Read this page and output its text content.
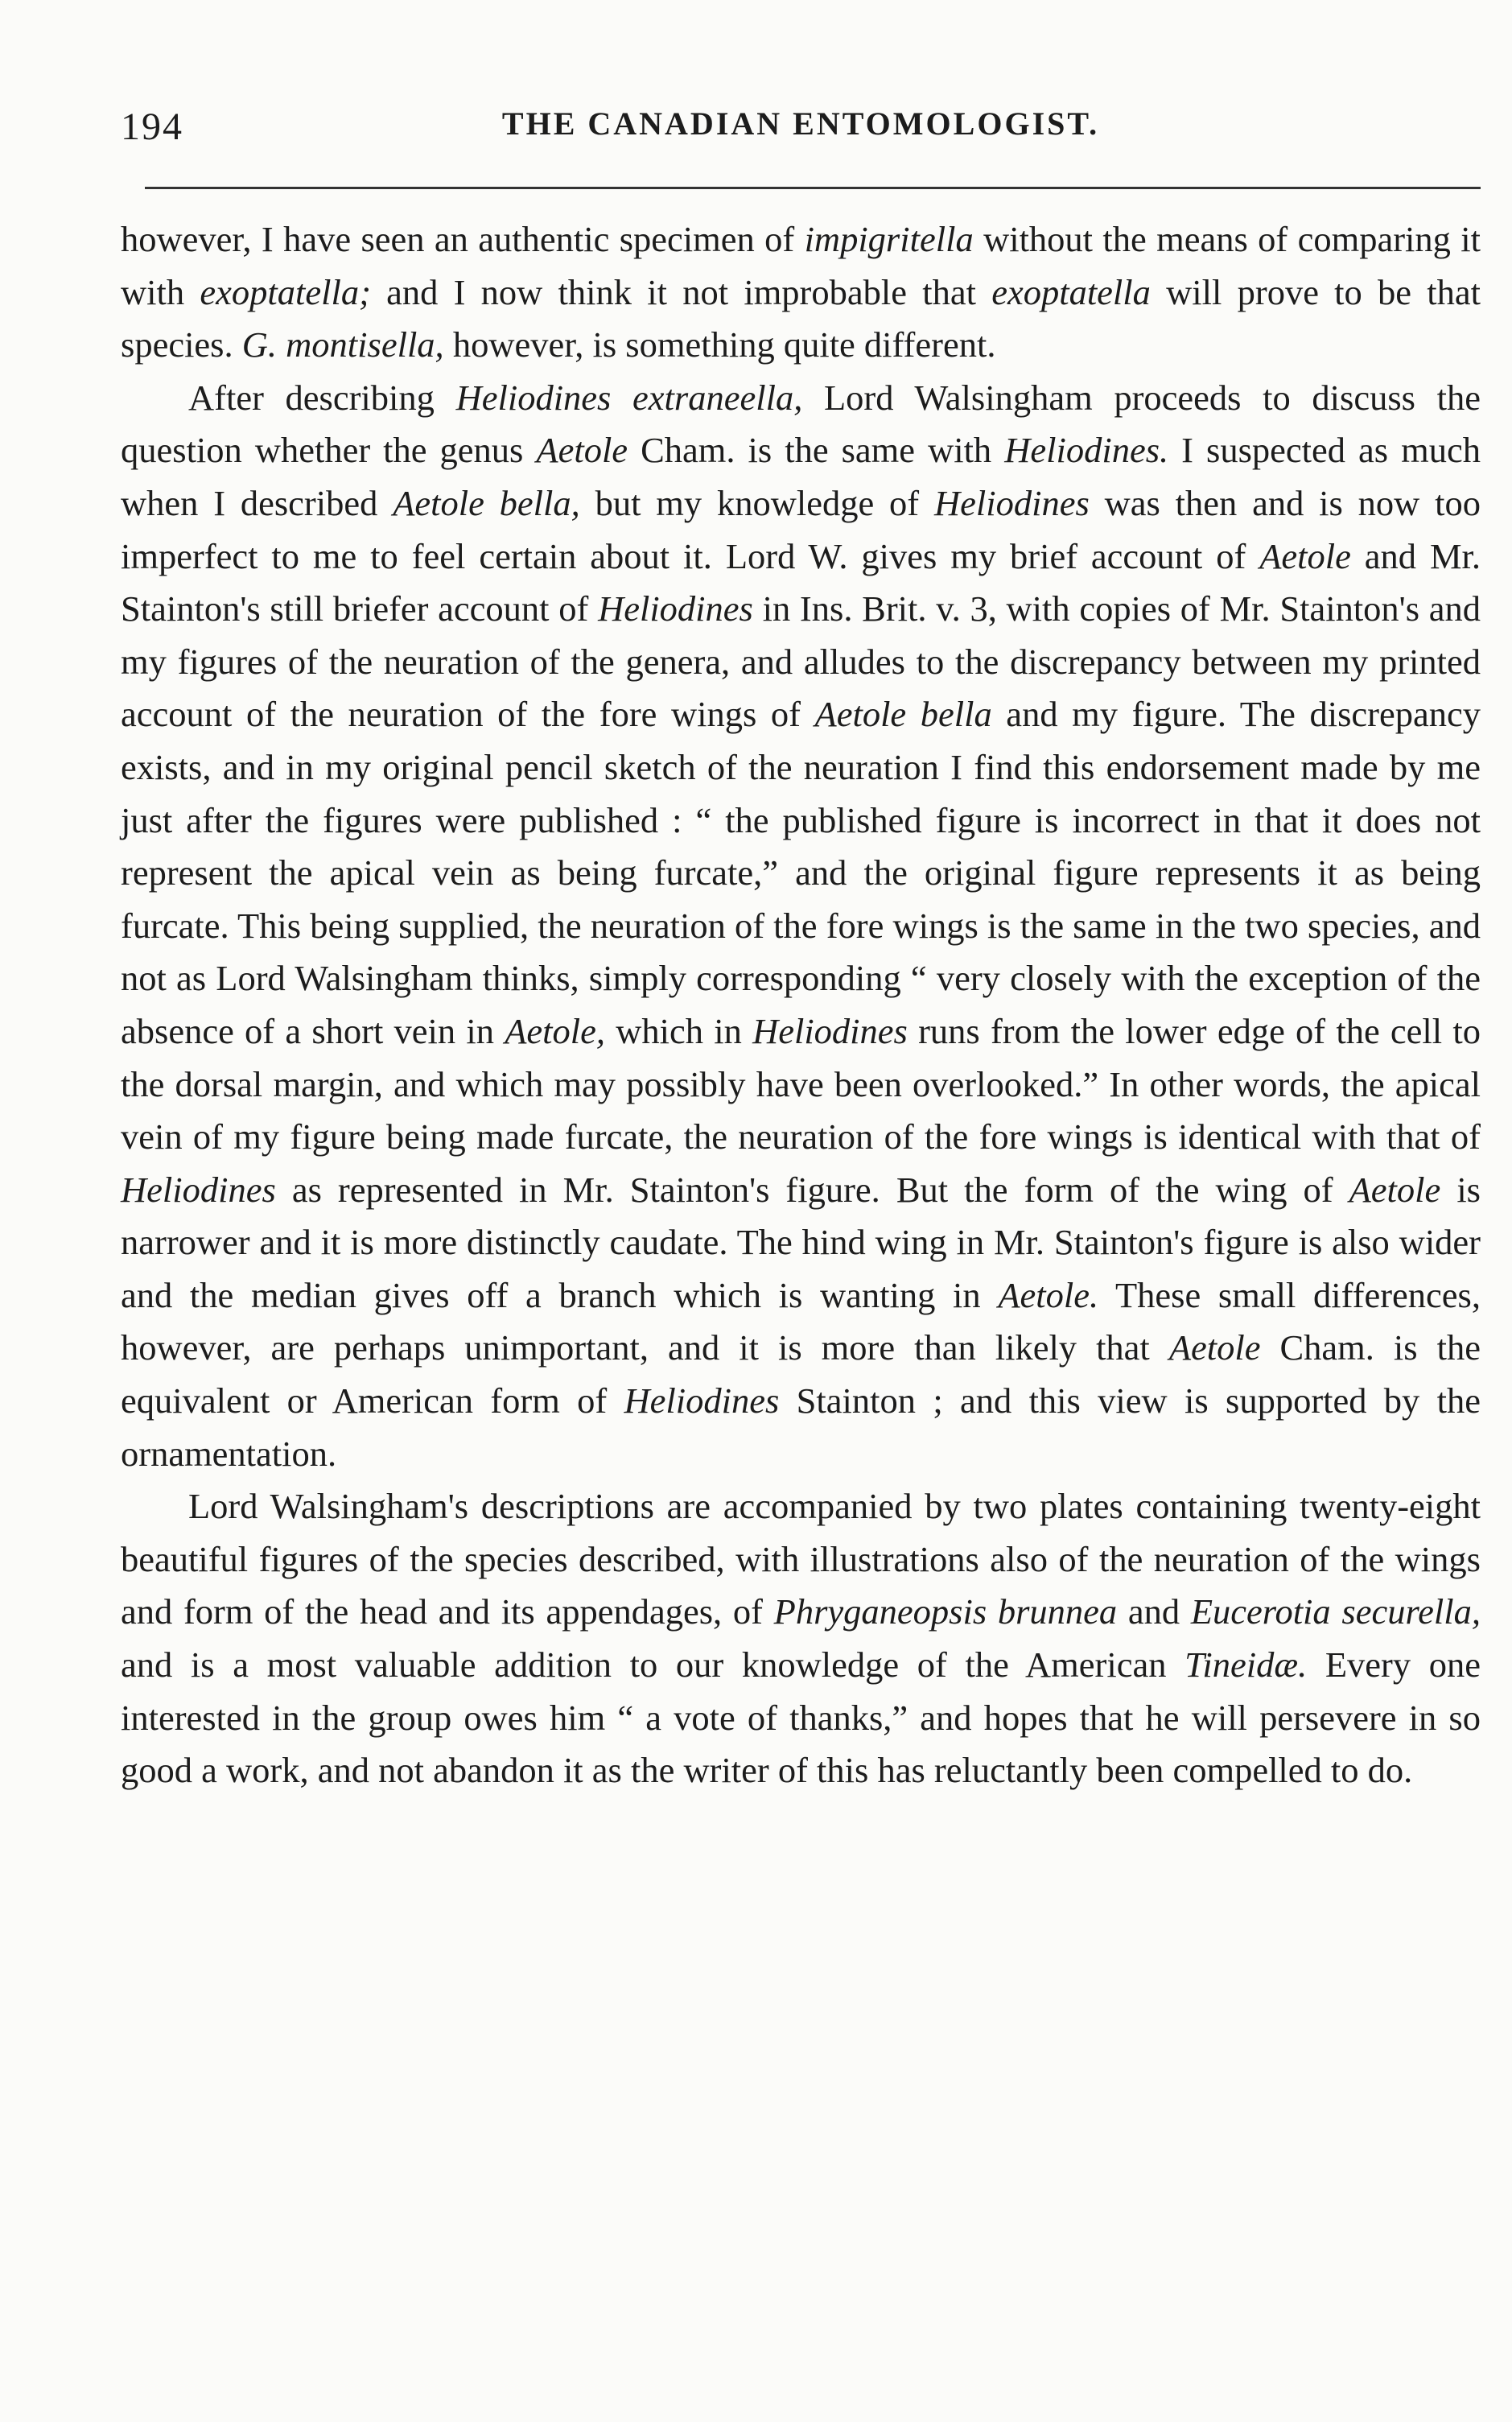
194	THE CANADIAN ENTOMOLOGIST.

however, I have seen an authentic specimen of impigritella without the means of comparing it with exoptatella; and I now think it not improbable that exoptatella will prove to be that species. G. montisella, however, is something quite different.

After describing Heliodines extraneella, Lord Walsingham proceeds to discuss the question whether the genus Aetole Cham. is the same with Heliodines. I suspected as much when I described Aetole bella, but my knowledge of Heliodines was then and is now too imperfect to me to feel certain about it. Lord W. gives my brief account of Aetole and Mr. Stainton's still briefer account of Heliodines in Ins. Brit. v. 3, with copies of Mr. Stainton's and my figures of the neuration of the genera, and alludes to the discrepancy between my printed account of the neuration of the fore wings of Aetole bella and my figure. The discrepancy exists, and in my original pencil sketch of the neuration I find this endorsement made by me just after the figures were published : “ the published figure is incorrect in that it does not represent the apical vein as being furcate,” and the original figure represents it as being furcate. This being supplied, the neuration of the fore wings is the same in the two species, and not as Lord Walsingham thinks, simply corresponding “ very closely with the exception of the absence of a short vein in Aetole, which in Heliodines runs from the lower edge of the cell to the dorsal margin, and which may possibly have been overlooked.” In other words, the apical vein of my figure being made furcate, the neuration of the fore wings is identical with that of Heliodines as represented in Mr. Stainton's figure. But the form of the wing of Aetole is narrower and it is more distinctly caudate. The hind wing in Mr. Stainton's figure is also wider and the median gives off a branch which is wanting in Aetole. These small differences, however, are perhaps unimportant, and it is more than likely that Aetole Cham. is the equivalent or American form of Heliodines Stainton ; and this view is supported by the ornamentation.

Lord Walsingham's descriptions are accompanied by two plates containing twenty-eight beautiful figures of the species described, with illustrations also of the neuration of the wings and form of the head and its appendages, of Phryganeopsis brunnea and Eucerotia securella, and is a most valuable addition to our knowledge of the American Tineidæ. Every one interested in the group owes him “ a vote of thanks,” and hopes that he will persevere in so good a work, and not abandon it as the writer of this has reluctantly been compelled to do.
